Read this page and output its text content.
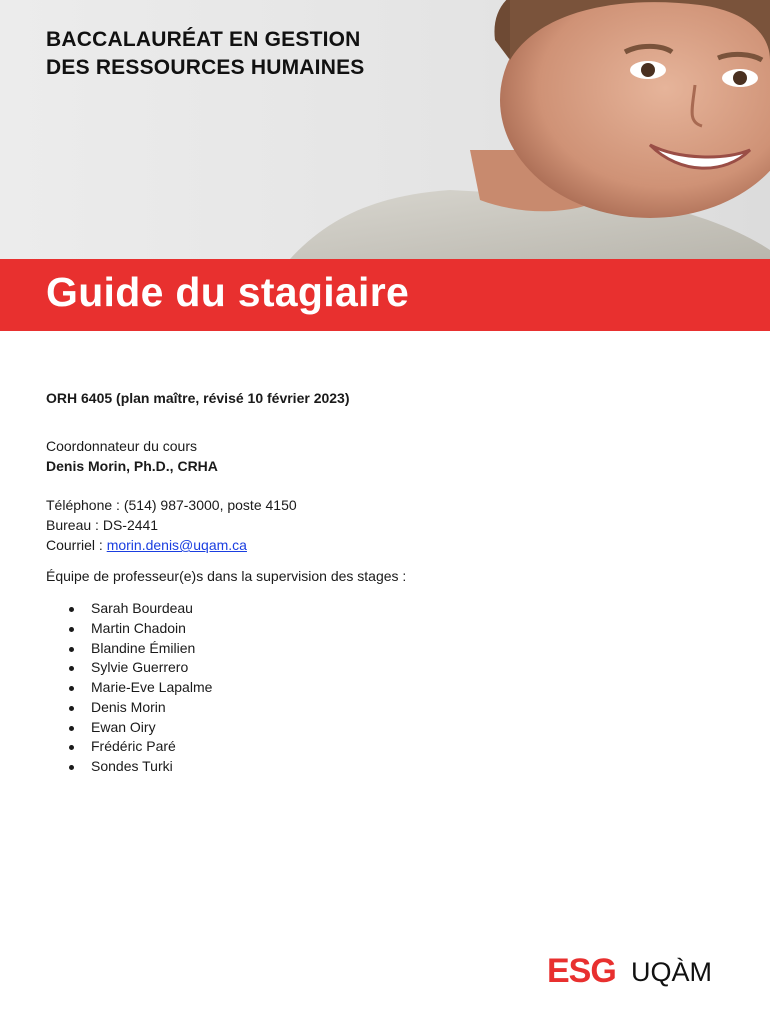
BACCALAURÉAT EN GESTION
DES RESSOURCES HUMAINES
Guide du stagiaire
ORH 6405 (plan maître, révisé 10 février 2023)
Coordonnateur du cours
Denis Morin, Ph.D., CRHA
Téléphone : (514) 987-3000, poste 4150
Bureau : DS-2441
Courriel : morin.denis@uqam.ca
Équipe de professeur(e)s dans la supervision des stages :
Sarah Bourdeau
Martin Chadoin
Blandine Émilien
Sylvie Guerrero
Marie-Eve Lapalme
Denis Morin
Ewan Oiry
Frédéric Paré
Sondes Turki
ESG UQÀM
